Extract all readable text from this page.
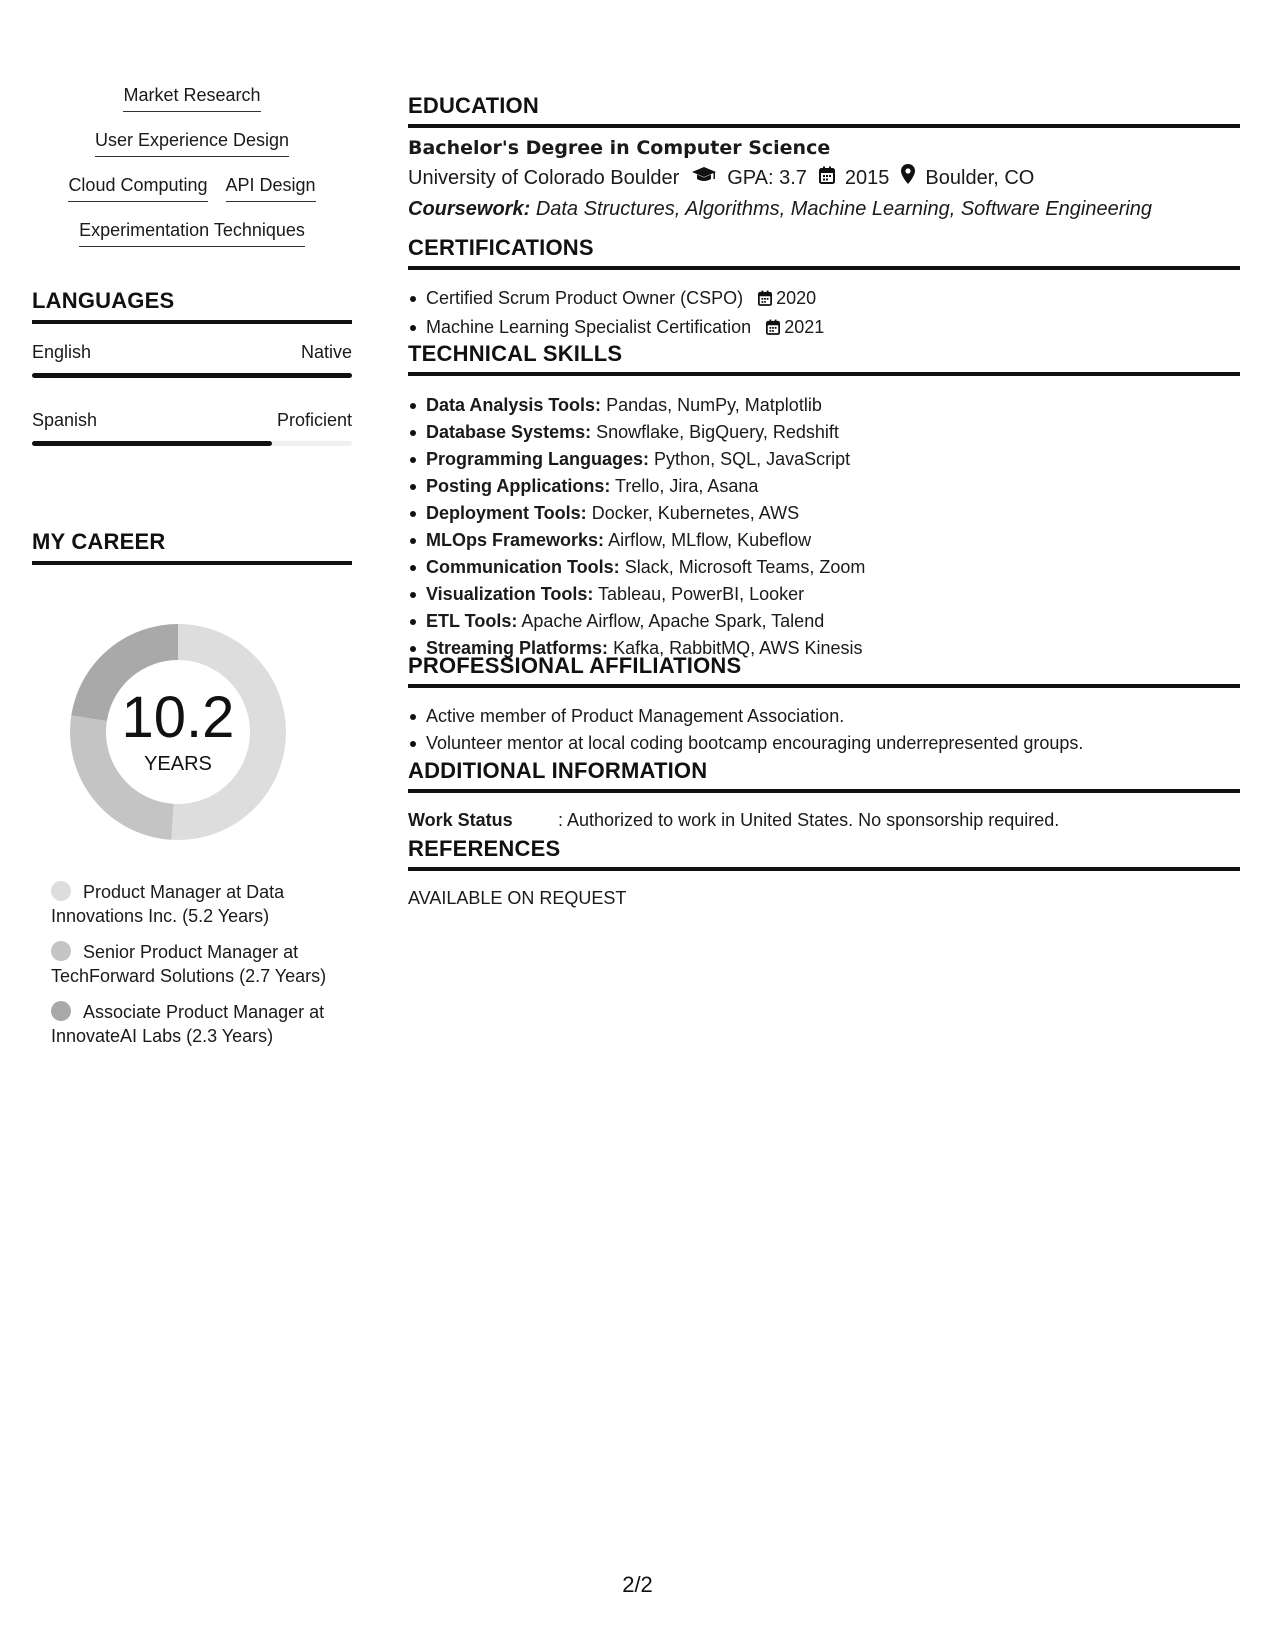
Market Research
User Experience Design
Cloud Computing API Design
Experimentation Techniques
LANGUAGES
English	Native
Spanish	Proficient
MY CAREER
10.2
YEARS
Product Manager at Data Innovations Inc. (5.2 Years)
Senior Product Manager at TechForward Solutions (2.7 Years)
Associate Product Manager at InnovateAI Labs (2.3 Years)
EDUCATION
Bachelor's Degree in Computer Science
University of Colorado Boulder GPA: 3.7 2015 Boulder, CO
Coursework: Data Structures, Algorithms, Machine Learning, Software Engineering
CERTIFICATIONS
Certified Scrum Product Owner (CSPO) 2020
Machine Learning Specialist Certification 2021
TECHNICAL SKILLS
Data Analysis Tools: Pandas, NumPy, Matplotlib
Database Systems: Snowflake, BigQuery, Redshift
Programming Languages: Python, SQL, JavaScript
Posting Applications: Trello, Jira, Asana
Deployment Tools: Docker, Kubernetes, AWS
MLOps Frameworks: Airflow, MLflow, Kubeflow
Communication Tools: Slack, Microsoft Teams, Zoom
Visualization Tools: Tableau, PowerBI, Looker
ETL Tools: Apache Airflow, Apache Spark, Talend
Streaming Platforms: Kafka, RabbitMQ, AWS Kinesis
PROFESSIONAL AFFILIATIONS
Active member of Product Management Association.
Volunteer mentor at local coding bootcamp encouraging underrepresented groups.
ADDITIONAL INFORMATION
Work Status	: Authorized to work in United States. No sponsorship required.
REFERENCES
AVAILABLE ON REQUEST
2/2
